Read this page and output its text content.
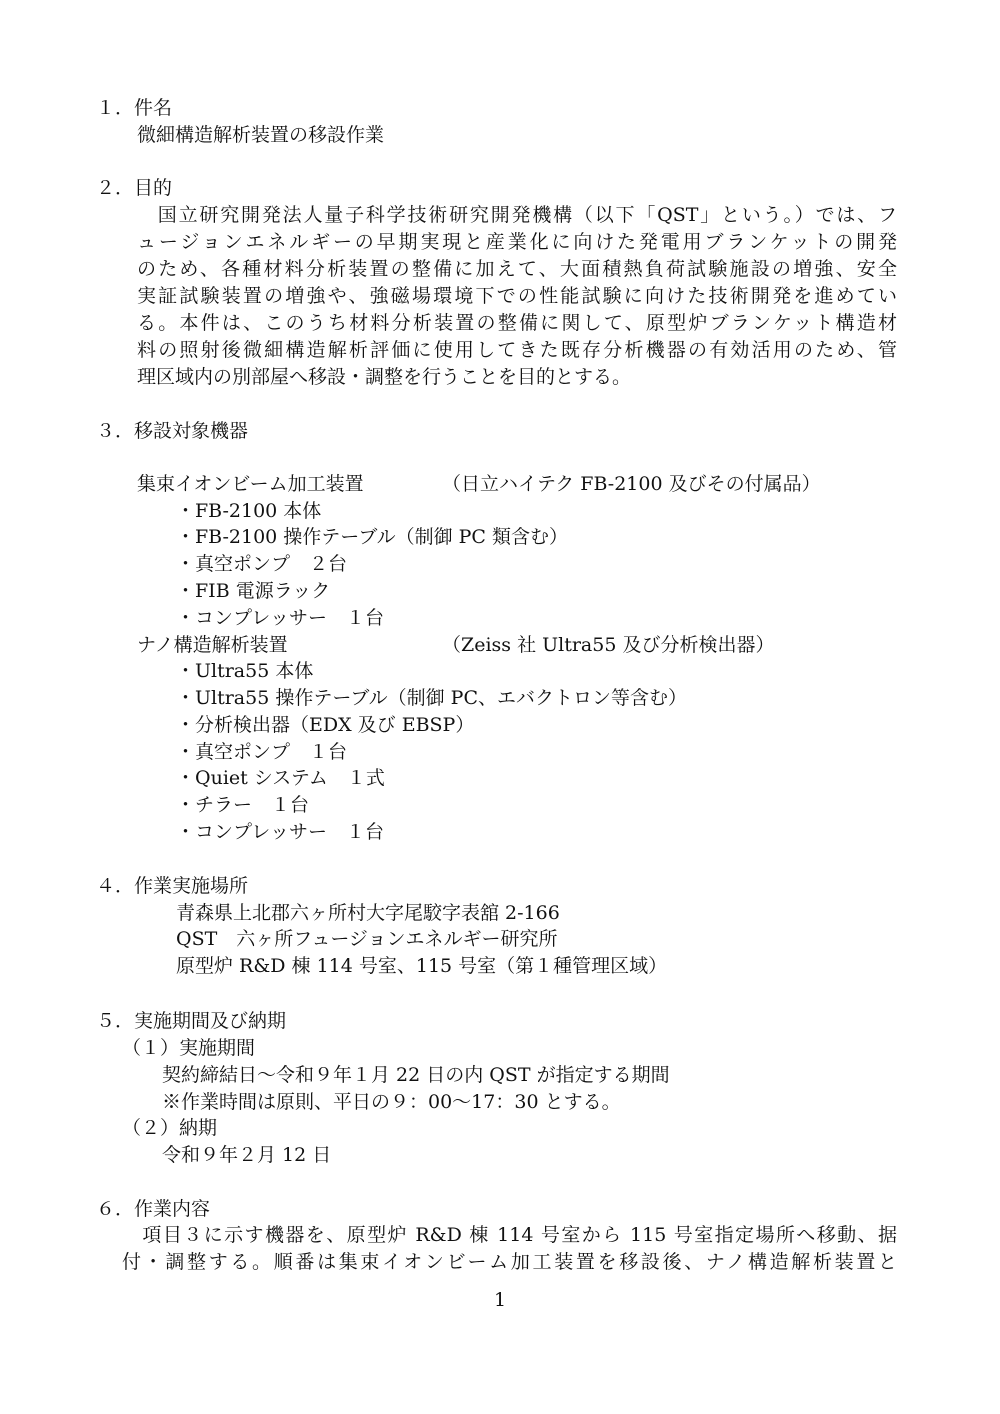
１．件名
微細構造解析装置の移設作業
２．目的
　国立研究開発法人量子科学技術研究開発機構（以下「QST」という。）では、フ
ュージョンエネルギーの早期実現と産業化に向けた発電用ブランケットの開発
のため、各種材料分析装置の整備に加えて、大面積熱負荷試験施設の増強、安全
実証試験装置の増強や、強磁場環境下での性能試験に向けた技術開発を進めてい
る。本件は、このうち材料分析装置の整備に関して、原型炉ブランケット構造材
料の照射後微細構造解析評価に使用してきた既存分析機器の有効活用のため、管
理区域内の別部屋へ移設・調整を行うことを目的とする。
３．移設対象機器
集束イオンビーム加工装置	（日立ハイテク FB-2100 及びその付属品）
・FB-2100 本体
・FB-2100 操作テーブル（制御 PC 類含む）
・真空ポンプ　２台
・FIB 電源ラック
・コンプレッサー　１台
ナノ構造解析装置	（Zeiss 社 Ultra55 及び分析検出器）
・Ultra55 本体
・Ultra55 操作テーブル（制御 PC、エバクトロン等含む）
・分析検出器（EDX 及び EBSP）
・真空ポンプ　１台
・Quiet システム　１式
・チラー　１台
・コンプレッサー　１台
４．作業実施場所
青森県上北郡六ヶ所村大字尾駮字表舘 2-166
QST　六ヶ所フュージョンエネルギー研究所
原型炉 R&D 棟 114 号室、115 号室（第１種管理区域）
５．実施期間及び納期
（１）実施期間
契約締結日～令和９年１月 22 日の内 QST が指定する期間
※作業時間は原則、平日の９：00～17：30 とする。
（２）納期
令和９年２月 12 日
６．作業内容
　項目３に示す機器を、原型炉 R&D 棟 114 号室から 115 号室指定場所へ移動、据
付・調整する。順番は集束イオンビーム加工装置を移設後、ナノ構造解析装置と
1
